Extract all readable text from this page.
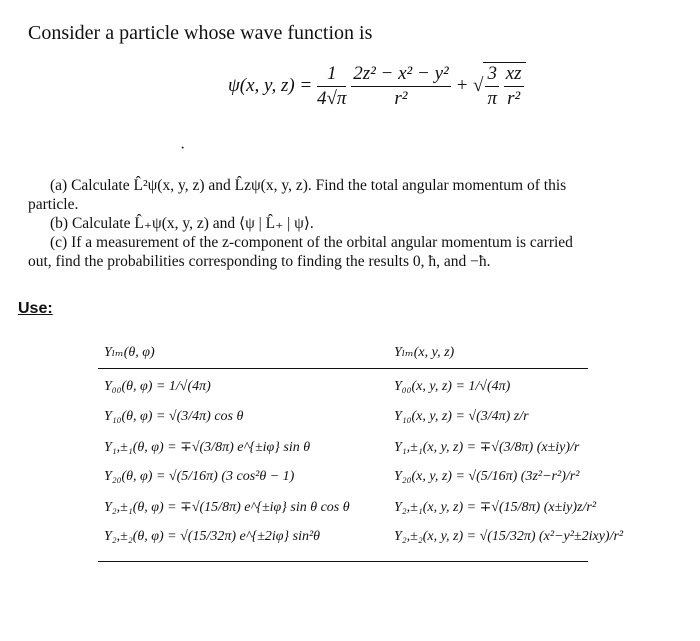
Consider a particle whose wave function is
ψ(x, y, $z) = \frac{1}{4√\pi}$
$\frac{\text{2z² − x² − y²}}{\text{r²}}$ + √ $\frac{3}{\pi}$
$\frac{xz}{\text{r²}}$
·

(a) Calculate L̂²ψ(x, y, z) and L̂zψ(x, y, z). Find the total angular momentum of this particle.

(b) Calculate L̂₊ψ(x, y, z) and ⟨ψ | L̂₊ | ψ⟩.

(c) If a measurement of the z-component of the orbital angular momentum is carried out, find the probabilities corresponding to finding the results 0, ħ, and −ħ.

Use:
Yₗₘ(θ, φ)	Yₗₘ(x, y, z)
Y₀₀(θ, φ) = 1/√(4π)	Y₀₀(x, y, z) = 1/√(4π)
Y₁₀(θ, φ) = √(3/4π) cos θ	Y₁₀(x, y, z) = √(3/4π) z/r
Y₁,±₁(θ, φ) = ∓√(3/8π) e^{±iφ} sin θ	Y₁,±₁(x, y, z) = ∓√(3/8π) (x±iy)/r
Y₂₀(θ, φ) = √(5/16π) (3 cos²θ − 1)	Y₂₀(x, y, z) = √(5/16π) (3z²−r²)/r²
Y₂,±₁(θ, φ) = ∓√(15/8π) e^{±iφ} sin θ cos θ	Y₂,±₁(x, y, z) = ∓√(15/8π) (x±iy)z/r²
Y₂,±₂(θ, φ) = √(15/32π) e^{±2iφ} sin²θ	Y₂,±₂(x, y, z) = √(15/32π) (x²−y²±2ixy)/r²
